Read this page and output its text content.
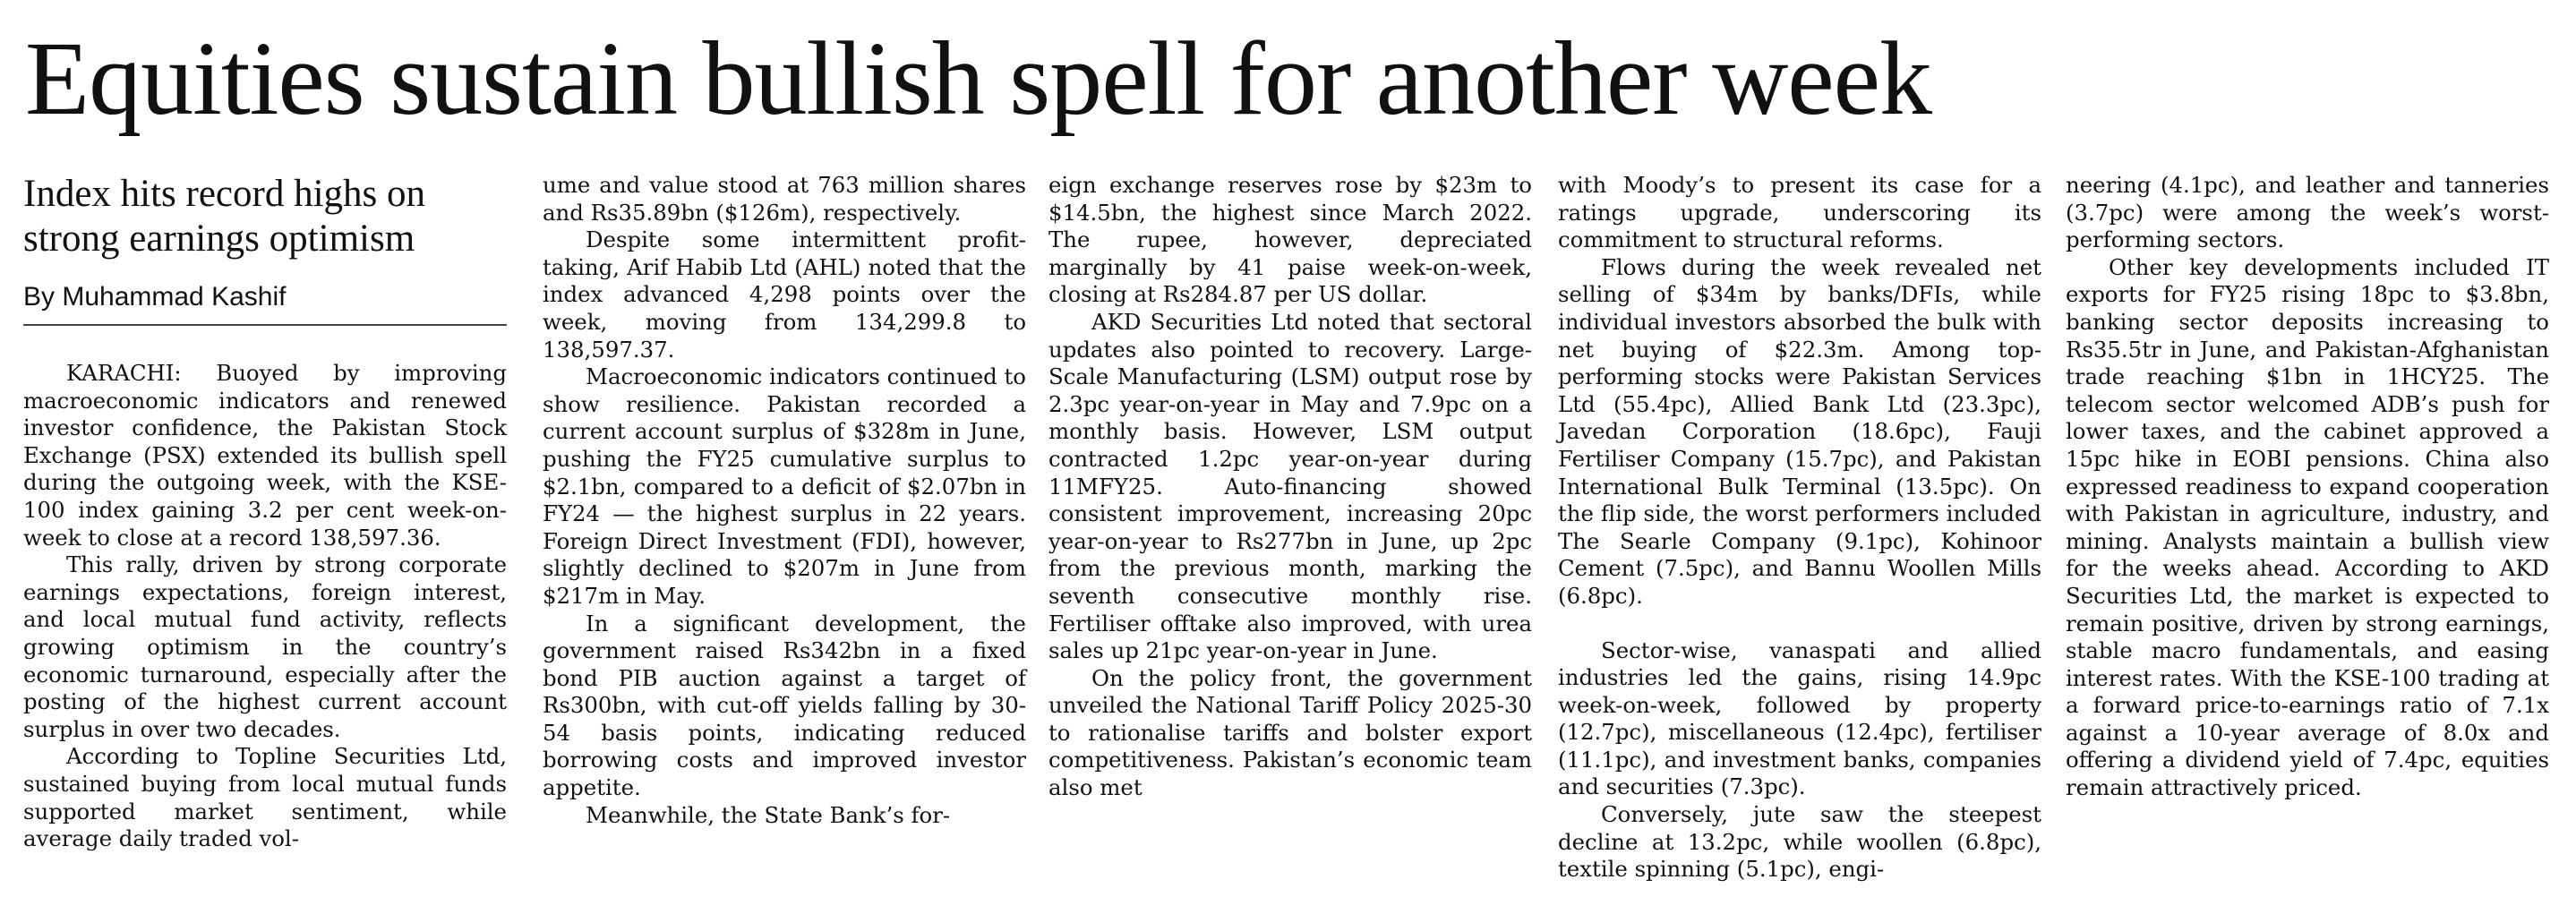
Equities sustain bullish spell for another week
Index hits record highs on strong earnings optimism
By Muhammad Kashif

KARACHI: Buoyed by improving macroeconomic indicators and renewed investor confidence, the Pakistan Stock Exchange (PSX) extended its bullish spell during the outgoing week, with the KSE-100 index gaining 3.2 per cent week-on-week to close at a record 138,597.36.

This rally, driven by strong corporate earnings expectations, foreign interest, and local mutual fund activity, reflects growing optimism in the country’s economic turnaround, especially after the posting of the highest current account surplus in over two decades.

According to Topline Securities Ltd, sustained buying from local mutual funds supported market sentiment, while average daily traded vol-

ume and value stood at 763 million shares and Rs35.89bn ($126m), respectively.

Despite some intermittent profit-taking, Arif Habib Ltd (AHL) noted that the index advanced 4,298 points over the week, moving from 134,299.8 to 138,597.37.

Macroeconomic indicators continued to show resilience. Pakistan recorded a current account surplus of $328m in June, pushing the FY25 cumulative surplus to $2.1bn, compared to a deficit of $2.07bn in FY24 — the highest surplus in 22 years. Foreign Direct Investment (FDI), however, slightly declined to $207m in June from $217m in May.

In a significant development, the government raised Rs342bn in a fixed bond PIB auction against a target of Rs300bn, with cut-off yields falling by 30-54 basis points, indicating reduced borrowing costs and improved investor appetite.

Meanwhile, the State Bank’s for-

eign exchange reserves rose by $23m to $14.5bn, the highest since March 2022. The rupee, however, depreciated marginally by 41 paise week-on-week, closing at Rs284.87 per US dollar.

AKD Securities Ltd noted that sectoral updates also pointed to recovery. Large-Scale Manufacturing (LSM) output rose by 2.3pc year-on-year in May and 7.9pc on a monthly basis. However, LSM output contracted 1.2pc year-on-year during 11MFY25. Auto-financing showed consistent improvement, increasing 20pc year-on-year to Rs277bn in June, up 2pc from the previous month, marking the seventh consecutive monthly rise. Fertiliser offtake also improved, with urea sales up 21pc year-on-year in June.

On the policy front, the government unveiled the National Tariff Policy 2025-30 to rationalise tariffs and bolster export competitiveness. Pakistan’s economic team also met

with Moody’s to present its case for a ratings upgrade, underscoring its commitment to structural reforms.

Flows during the week revealed net selling of $34m by banks/DFIs, while individual investors absorbed the bulk with net buying of $22.3m. Among top-performing stocks were Pakistan Services Ltd (55.4pc), Allied Bank Ltd (23.3pc), Javedan Corporation (18.6pc), Fauji Fertiliser Company (15.7pc), and Pakistan International Bulk Terminal (13.5pc). On the flip side, the worst performers included The Searle Company (9.1pc), Kohinoor Cement (7.5pc), and Bannu Woollen Mills (6.8pc).

Sector-wise, vanaspati and allied industries led the gains, rising 14.9pc week-on-week, followed by property (12.7pc), miscellaneous (12.4pc), fertiliser (11.1pc), and investment banks, companies and securities (7.3pc).

Conversely, jute saw the steepest decline at 13.2pc, while woollen (6.8pc), textile spinning (5.1pc), engi-

neering (4.1pc), and leather and tanneries (3.7pc) were among the week’s worst-performing sectors.

Other key developments included IT exports for FY25 rising 18pc to $3.8bn, banking sector deposits increasing to Rs35.5tr in June, and Pakistan-Afghanistan trade reaching $1bn in 1HCY25. The telecom sector welcomed ADB’s push for lower taxes, and the cabinet approved a 15pc hike in EOBI pensions. China also expressed readiness to expand cooperation with Pakistan in agriculture, industry, and mining. Analysts maintain a bullish view for the weeks ahead. According to AKD Securities Ltd, the market is expected to remain positive, driven by strong earnings, stable macro fundamentals, and easing interest rates. With the KSE-100 trading at a forward price-to-earnings ratio of 7.1x against a 10-year average of 8.0x and offering a dividend yield of 7.4pc, equities remain attractively priced.
